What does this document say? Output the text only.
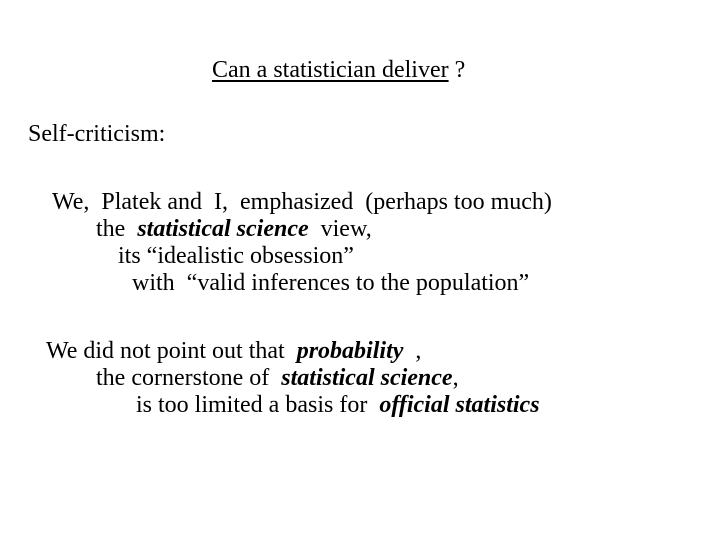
Can a statistician deliver ?

Self-criticism:
We,  Platek and  I,  emphasized  (perhaps too much)
the  statistical science  view,
its “idealistic obsession”
with  “valid inferences to the population”
We did not point out that  probability  ,
the cornerstone of  statistical science,
is too limited a basis for  official statistics
